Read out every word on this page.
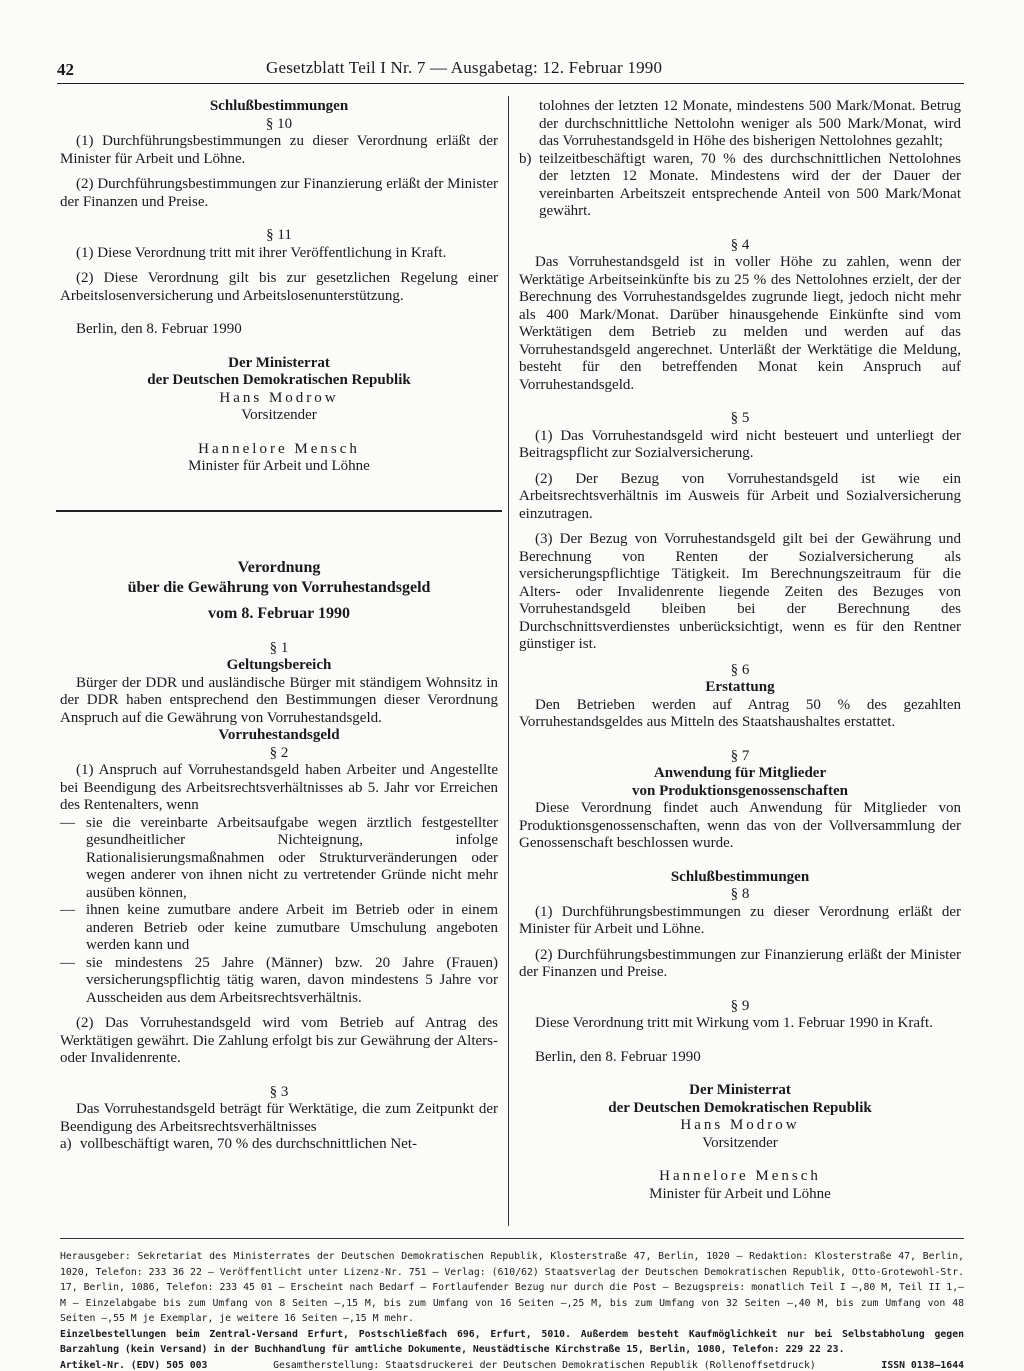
42	Gesetzblatt Teil I Nr. 7 — Ausgabetag: 12. Februar 1990

Schlußbestimmungen

§ 10

(1) Durchführungsbestimmungen zu dieser Verordnung erläßt der Minister für Arbeit und Löhne.

(2) Durchführungsbestimmungen zur Finanzierung erläßt der Minister der Finanzen und Preise.

§ 11

(1) Diese Verordnung tritt mit ihrer Veröffentlichung in Kraft.

(2) Diese Verordnung gilt bis zur gesetzlichen Regelung einer Arbeitslosenversicherung und Arbeitslosenunterstützung.

Berlin, den 8. Februar 1990

Der Ministerrat

der Deutschen Demokratischen Republik

Hans Modrow

Vorsitzender

Hannelore Mensch

Minister für Arbeit und Löhne

Verordnung

über die Gewährung von Vorruhestandsgeld

vom 8. Februar 1990

§ 1

Geltungsbereich

Bürger der DDR und ausländische Bürger mit ständigem Wohnsitz in der DDR haben entsprechend den Bestimmungen dieser Verordnung Anspruch auf die Gewährung von Vorruhestandsgeld.

Vorruhestandsgeld

§ 2

(1) Anspruch auf Vorruhestandsgeld haben Arbeiter und Angestellte bei Beendigung des Arbeitsrechtsverhältnisses ab 5. Jahr vor Erreichen des Rentenalters, wenn

— sie die vereinbarte Arbeitsaufgabe wegen ärztlich festgestellter gesundheitlicher Nichteignung, infolge Rationalisierungsmaßnahmen oder Strukturveränderungen oder wegen anderer von ihnen nicht zu vertretender Gründe nicht mehr ausüben können,
— ihnen keine zumutbare andere Arbeit im Betrieb oder in einem anderen Betrieb oder keine zumutbare Umschulung angeboten werden kann und
— sie mindestens 25 Jahre (Männer) bzw. 20 Jahre (Frauen) versicherungspflichtig tätig waren, davon mindestens 5 Jahre vor Ausscheiden aus dem Arbeitsrechtsverhältnis.

(2) Das Vorruhestandsgeld wird vom Betrieb auf Antrag des Werktätigen gewährt. Die Zahlung erfolgt bis zur Gewährung der Alters- oder Invalidenrente.

§ 3

Das Vorruhestandsgeld beträgt für Werktätige, die zum Zeitpunkt der Beendigung des Arbeitsrechtsverhältnisses

a) vollbeschäftigt waren, 70 % des durchschnittlichen Net-
tolohnes der letzten 12 Monate, mindestens 500 Mark/Monat. Betrug der durchschnittliche Nettolohn weniger als 500 Mark/Monat, wird das Vorruhestandsgeld in Höhe des bisherigen Nettolohnes gezahlt;
b) teilzeitbeschäftigt waren, 70 % des durchschnittlichen Nettolohnes der letzten 12 Monate. Mindestens wird der der Dauer der vereinbarten Arbeitszeit entsprechende Anteil von 500 Mark/Monat gewährt.

§ 4

Das Vorruhestandsgeld ist in voller Höhe zu zahlen, wenn der Werktätige Arbeitseinkünfte bis zu 25 % des Nettolohnes erzielt, der der Berechnung des Vorruhestandsgeldes zugrunde liegt, jedoch nicht mehr als 400 Mark/Monat. Darüber hinausgehende Einkünfte sind vom Werktätigen dem Betrieb zu melden und werden auf das Vorruhestandsgeld angerechnet. Unterläßt der Werktätige die Meldung, besteht für den betreffenden Monat kein Anspruch auf Vorruhestandsgeld.

§ 5

(1) Das Vorruhestandsgeld wird nicht besteuert und unterliegt der Beitragspflicht zur Sozialversicherung.

(2) Der Bezug von Vorruhestandsgeld ist wie ein Arbeitsrechtsverhältnis im Ausweis für Arbeit und Sozialversicherung einzutragen.

(3) Der Bezug von Vorruhestandsgeld gilt bei der Gewährung und Berechnung von Renten der Sozialversicherung als versicherungspflichtige Tätigkeit. Im Berechnungszeitraum für die Alters- oder Invalidenrente liegende Zeiten des Bezuges von Vorruhestandsgeld bleiben bei der Berechnung des Durchschnittsverdienstes unberücksichtigt, wenn es für den Rentner günstiger ist.

§ 6

Erstattung

Den Betrieben werden auf Antrag 50 % des gezahlten Vorruhestandsgeldes aus Mitteln des Staatshaushaltes erstattet.

§ 7

Anwendung für Mitglieder

von Produktionsgenossenschaften

Diese Verordnung findet auch Anwendung für Mitglieder von Produktionsgenossenschaften, wenn das von der Vollversammlung der Genossenschaft beschlossen wurde.

Schlußbestimmungen

§ 8

(1) Durchführungsbestimmungen zu dieser Verordnung erläßt der Minister für Arbeit und Löhne.

(2) Durchführungsbestimmungen zur Finanzierung erläßt der Minister der Finanzen und Preise.

§ 9

Diese Verordnung tritt mit Wirkung vom 1. Februar 1990 in Kraft.

Berlin, den 8. Februar 1990

Der Ministerrat

der Deutschen Demokratischen Republik

Hans Modrow

Vorsitzender

Hannelore Mensch

Minister für Arbeit und Löhne

Herausgeber: Sekretariat des Ministerrates der Deutschen Demokratischen Republik, Klosterstraße 47, Berlin, 1020 – Redaktion: Klosterstraße 47, Berlin, 1020, Telefon: 233 36 22 – Veröffentlicht unter Lizenz-Nr. 751 – Verlag: (610/62) Staatsverlag der Deutschen Demokratischen Republik, Otto-Grotewohl-Str. 17, Berlin, 1086, Telefon: 233 45 01 – Erscheint nach Bedarf – Fortlaufender Bezug nur durch die Post – Bezugspreis: monatlich Teil I –,80 M, Teil II 1,– M – Einzelabgabe bis zum Umfang von 8 Seiten –,15 M, bis zum Umfang von 16 Seiten –,25 M, bis zum Umfang von 32 Seiten –,40 M, bis zum Umfang von 48 Seiten –,55 M je Exemplar, je weitere 16 Seiten –,15 M mehr.

Einzelbestellungen beim Zentral-Versand Erfurt, Postschließfach 696, Erfurt, 5010. Außerdem besteht Kaufmöglichkeit nur bei Selbstabholung gegen Barzahlung (kein Versand) in der Buchhandlung für amtliche Dokumente, Neustädtische Kirchstraße 15, Berlin, 1080, Telefon: 229 22 23.

Artikel-Nr. (EDV) 505 003	Gesamtherstellung: Staatsdruckerei der Deutschen Demokratischen Republik (Rollenoffsetdruck)	ISSN 0138–1644
